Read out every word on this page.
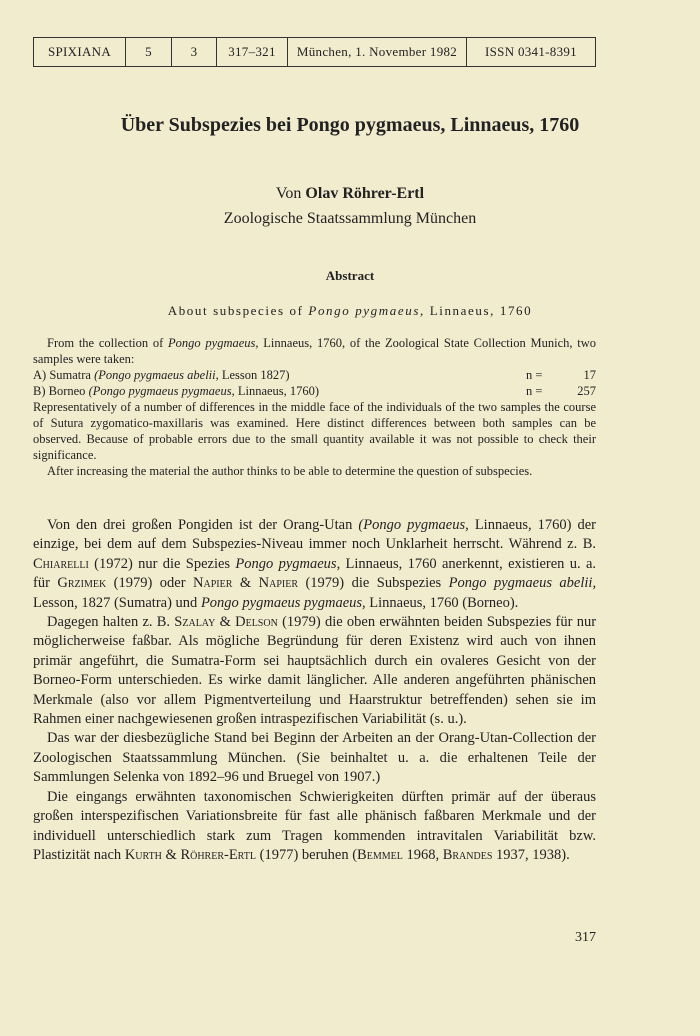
SPIXIANA	5	3	317–321	München, 1. November 1982	ISSN 0341-8391
Über Subspezies bei Pongo pygmaeus, Linnaeus, 1760
Von Olav Röhrer-Ertl
Zoologische Staatssammlung München
Abstract
About subspecies of Pongo pygmaeus, Linnaeus, 1760

From the collection of Pongo pygmaeus, Linnaeus, 1760, of the Zoological State Collection Munich, two samples were taken:

A) Sumatra (Pongo pygmaeus abelii, Lesson 1827)	n =	17
B) Borneo (Pongo pygmaeus pygmaeus, Linnaeus, 1760)	n =	257

Representatively of a number of differences in the middle face of the individuals of the two samples the course of Sutura zygomatico-maxillaris was examined. Here distinct differences between both samples can be observed. Because of probable errors due to the small quantity available it was not possible to check their significance.

After increasing the material the author thinks to be able to determine the question of subspecies.

Von den drei großen Pongiden ist der Orang-Utan (Pongo pygmaeus, Linnaeus, 1760) der einzige, bei dem auf dem Subspezies-Niveau immer noch Unklarheit herrscht. Während z. B. Chiarelli (1972) nur die Spezies Pongo pygmaeus, Linnaeus, 1760 anerkennt, existieren u. a. für Grzimek (1979) oder Napier & Napier (1979) die Subspezies Pongo pygmaeus abelii, Lesson, 1827 (Sumatra) und Pongo pygmaeus pygmaeus, Linnaeus, 1760 (Borneo).

Dagegen halten z. B. Szalay & Delson (1979) die oben erwähnten beiden Subspezies für nur möglicherweise faßbar. Als mögliche Begründung für deren Existenz wird auch von ihnen primär angeführt, die Sumatra-Form sei hauptsächlich durch ein ovaleres Gesicht von der Borneo-Form unterschieden. Es wirke damit länglicher. Alle anderen angeführten phänischen Merkmale (also vor allem Pigmentverteilung und Haarstruktur betreffenden) sehen sie im Rahmen einer nachgewiesenen großen intraspezifischen Variabilität (s. u.).

Das war der diesbezügliche Stand bei Beginn der Arbeiten an der Orang-Utan-Collection der Zoologischen Staatssammlung München. (Sie beinhaltet u. a. die erhaltenen Teile der Sammlungen Selenka von 1892–96 und Bruegel von 1907.)

Die eingangs erwähnten taxonomischen Schwierigkeiten dürften primär auf der überaus großen interspezifischen Variationsbreite für fast alle phänisch faßbaren Merkmale und der individuell unterschiedlich stark zum Tragen kommenden intravitalen Variabilität bzw. Plastizität nach Kurth & Röhrer-Ertl (1977) beruhen (Bemmel 1968, Brandes 1937, 1938).

317
